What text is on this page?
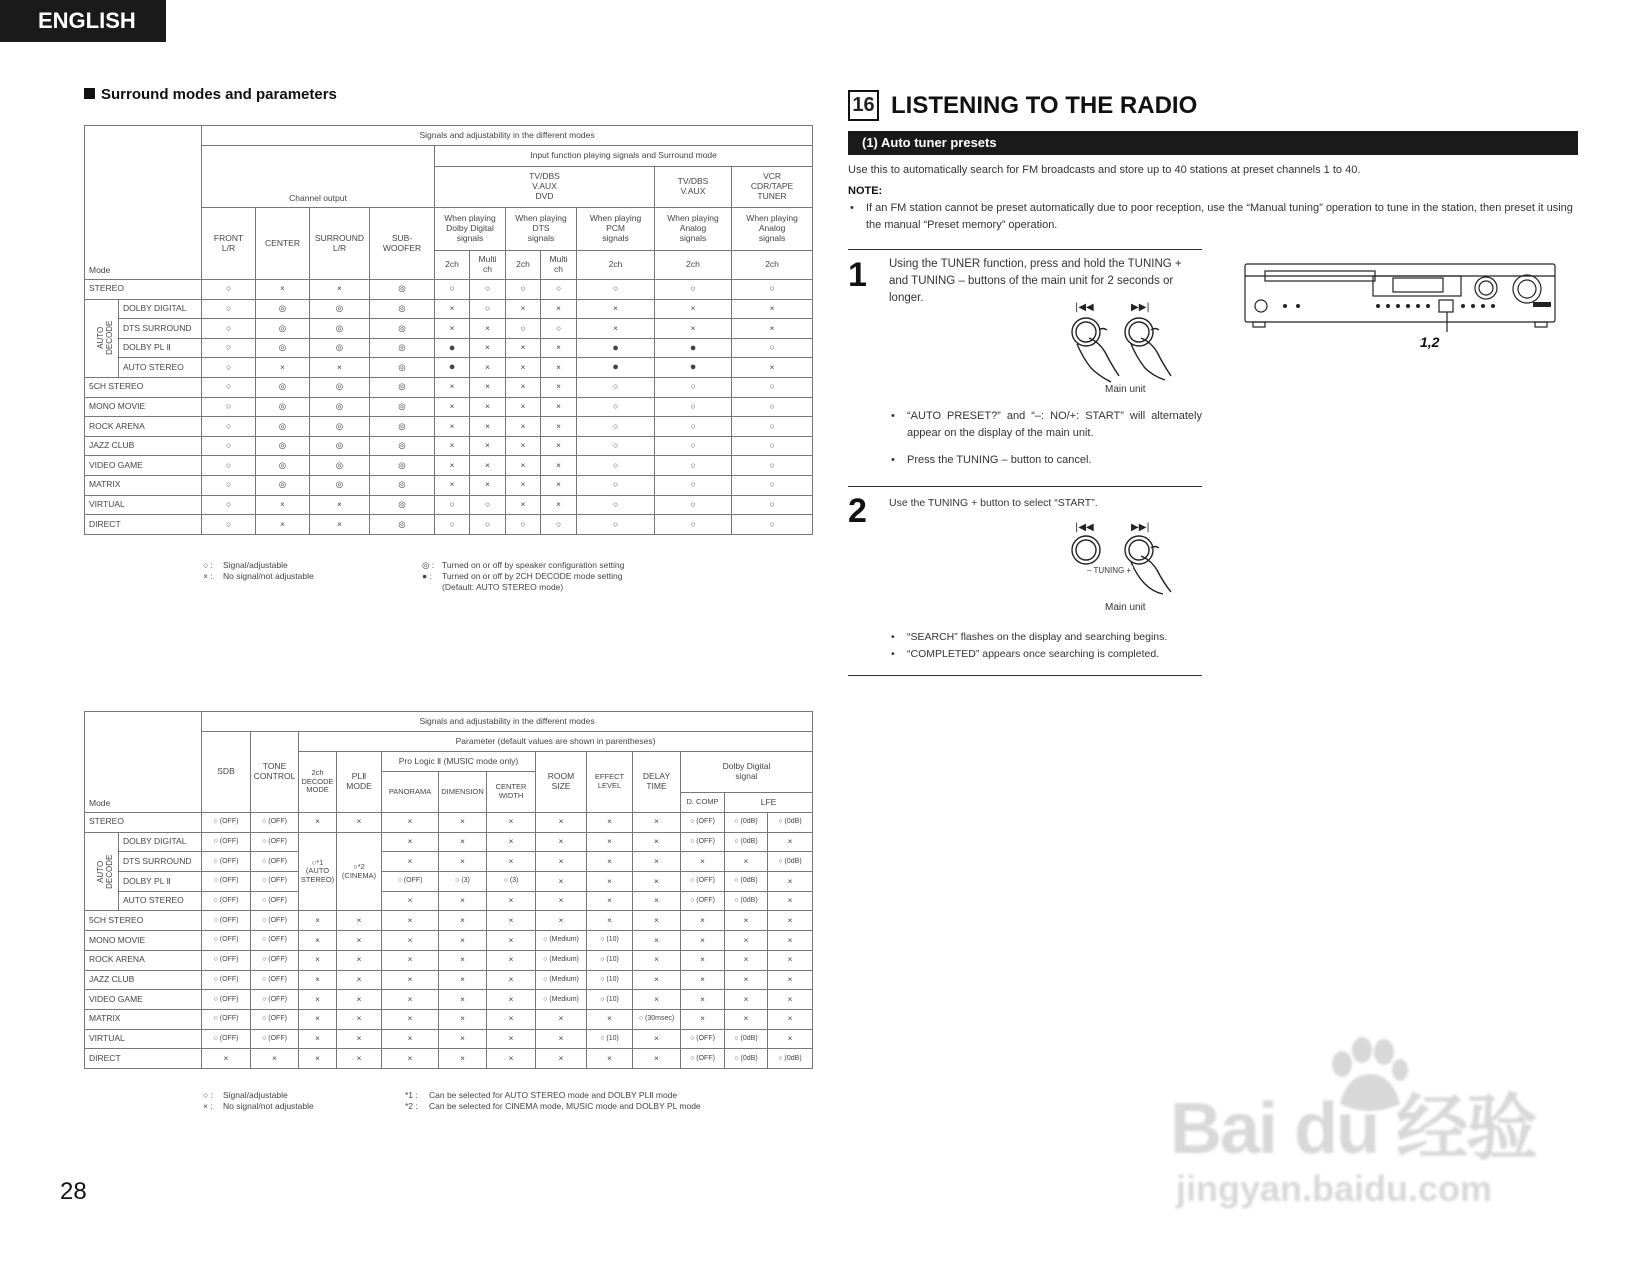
ENGLISH
Surround modes and parameters
Mode		Signals and adjustability in the different modes										
		Channel output				Input function playing signals and Surround mode						
						TV/DBS
V.AUX
DVD					TV/DBS
V.AUX	VCR
CDR/TAPE
TUNER
		FRONT
L/R	CENTER	SURROUND
L/R	SUB-
WOOFER	When playing
Dolby Digital
signals		When playing
DTS
signals		When playing
PCM
signals	When playing
Analog
signals	When playing
Analog
signals
						2ch	Multi
ch	2ch	Multi
ch	2ch	2ch	2ch
STEREO		○	×	×	◎	○	○	○	○	○	○	○
AUTO
DECODE	DOLBY DIGITAL	○	◎	◎	◎	×	○	×	×	×	×	×
	DTS SURROUND	○	◎	◎	◎	×	×	○	○	×	×	×
	DOLBY PL Ⅱ	○	◎	◎	◎	●	×	×	×	●	●	○
	AUTO STEREO	○	×	×	◎	●	×	×	×	●	●	×
5CH STEREO		○	◎	◎	◎	×	×	×	×	○	○	○
MONO MOVIE		○	◎	◎	◎	×	×	×	×	○	○	○
ROCK ARENA		○	◎	◎	◎	×	×	×	×	○	○	○
JAZZ CLUB		○	◎	◎	◎	×	×	×	×	○	○	○
VIDEO GAME		○	◎	◎	◎	×	×	×	×	○	○	○
MATRIX		○	◎	◎	◎	×	×	×	×	○	○	○
VIRTUAL		○	×	×	◎	○	○	×	×	○	○	○
DIRECT		○	×	×	◎	○	○	○	○	○	○	○
○ :	Signal/adjustable
× :	No signal/not adjustable
◎ : Turned on or off by speaker configuration setting
● :	Turned on or off by 2CH DECODE mode setting
(Default: AUTO STEREO mode)
Mode		Signals and adjustability in the different modes													
		SDB	TONE
CONTROL	Parameter (default values are shown in parentheses)											
				2ch
DECODE
MODE	PLⅡ
MODE	Pro Logic Ⅱ (MUSIC mode only)			ROOM
SIZE	EFFECT
LEVEL	DELAY
TIME	Dolby Digital
signal	
						PANORAMA	DIMENSION	CENTER
WIDTH							
												D. COMP	LFE	
STEREO		○ (OFF)	○ (OFF)	×	×	×	×	×	×	×	×	○ (OFF)	○ (0dB)	○ (0dB)	
AUTO
DECODE	DOLBY DIGITAL	○ (OFF)	○ (OFF)	○*1
(AUTO
STEREO)	○*2
(CINEMA)	×	×	×	×	×	×	○ (OFF)	○ (0dB)	×	
	DTS SURROUND	○ (OFF)	○ (OFF)			×	×	×	×	×	×	×	×	○ (0dB)	
	DOLBY PL Ⅱ	○ (OFF)	○ (OFF)			○ (OFF)	○ (3)	○ (3)	×	×	×	○ (OFF)	○ (0dB)	×	
	AUTO STEREO	○ (OFF)	○ (OFF)			×	×	×	×	×	×	○ (OFF)	○ (0dB)	×	
5CH STEREO		○ (OFF)	○ (OFF)	×	×	×	×	×	×	×	×	×	×	×	
MONO MOVIE		○ (OFF)	○ (OFF)	×	×	×	×	×	○ (Medium)	○ (10)	×	×	×	×	
ROCK ARENA		○ (OFF)	○ (OFF)	×	×	×	×	×	○ (Medium)	○ (10)	×	×	×	×	
JAZZ CLUB		○ (OFF)	○ (OFF)	×	×	×	×	×	○ (Medium)	○ (10)	×	×	×	×	
VIDEO GAME		○ (OFF)	○ (OFF)	×	×	×	×	×	○ (Medium)	○ (10)	×	×	×	×	
MATRIX		○ (OFF)	○ (OFF)	×	×	×	×	×	×	×	○ (30msec)	×	×	×	
VIRTUAL		○ (OFF)	○ (OFF)	×	×	×	×	×	×	○ (10)	×	○ (OFF)	○ (0dB)	×	
DIRECT		×	×	×	×	×	×	×	×	×	×	○ (OFF)	○ (0dB)	○ (0dB)	
○ :	Signal/adjustable
× :	No signal/not adjustable
*1 :	Can be selected for AUTO STEREO mode and DOLBY PLⅡ mode
*2 :	Can be selected for CINEMA mode, MUSIC mode and DOLBY PL mode
28
16 LISTENING TO THE RADIO
(1) Auto tuner presets
Use this to automatically search for FM broadcasts and store up to 40 stations at preset channels 1 to 40.
NOTE:
• If an FM station cannot be preset automatically due to poor reception, use the “Manual tuning” operation to tune in the station, then preset it using the manual “Preset memory” operation.
1 Using the TUNER function, press and hold the TUNING + and TUNING – buttons of the main unit for 2 seconds or longer.
|◀◀	▶▶|
Main unit
• “AUTO PRESET?” and “–: NO/+: START” will alternately appear on the display of the main unit.
• Press the TUNING – button to cancel.
2 Use the TUNING + button to select “START”.
|◀◀	▶▶|
– TUNING +
Main unit
• “SEARCH” flashes on the display and searching begins.
• “COMPLETED” appears once searching is completed.
1,2
Bai du 经验
jingyan.baidu.com
